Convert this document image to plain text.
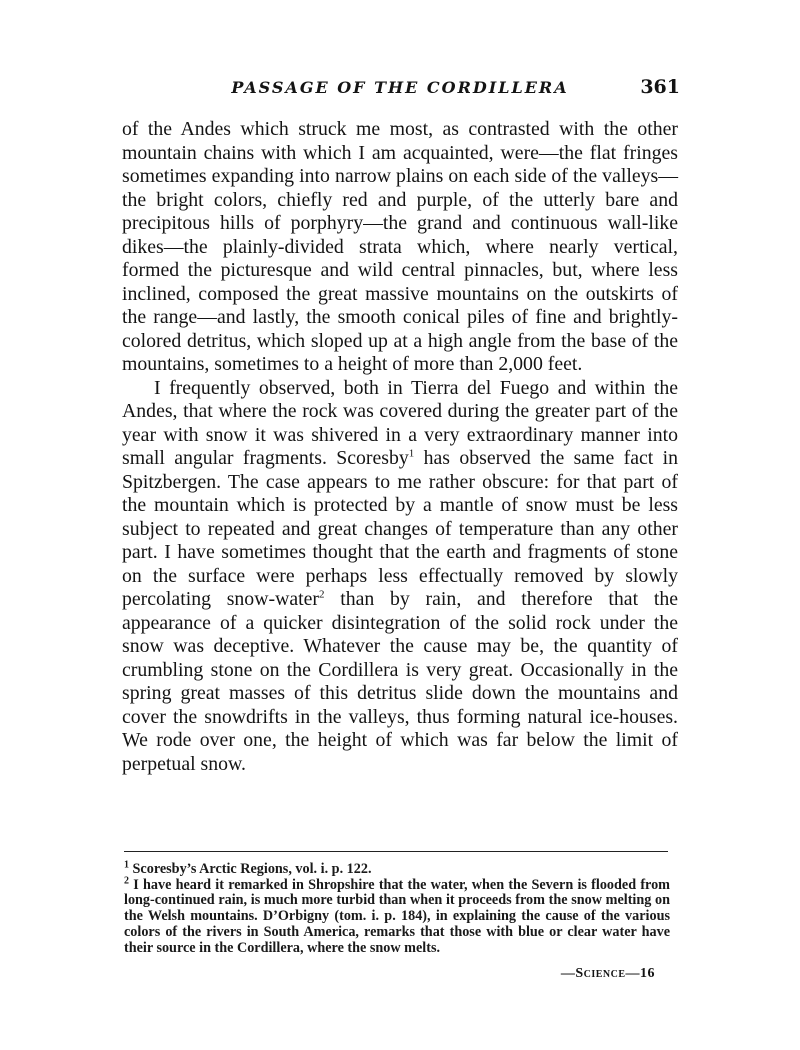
PASSAGE OF THE CORDILLERA	361

of the Andes which struck me most, as contrasted with the other mountain chains with which I am acquainted, were—the flat fringes sometimes expanding into narrow plains on each side of the valleys—the bright colors, chiefly red and purple, of the utterly bare and precipitous hills of porphyry—the grand and continuous wall-like dikes—the plainly-divided strata which, where nearly vertical, formed the picturesque and wild central pinnacles, but, where less inclined, composed the great massive mountains on the outskirts of the range—and lastly, the smooth conical piles of fine and brightly-colored detritus, which sloped up at a high angle from the base of the mountains, sometimes to a height of more than 2,000 feet.

I frequently observed, both in Tierra del Fuego and within the Andes, that where the rock was covered during the greater part of the year with snow it was shivered in a very extraordinary manner into small angular fragments. Scoresby$^1$ has observed the same fact in Spitzbergen. The case appears to me rather obscure: for that part of the mountain which is protected by a mantle of snow must be less subject to repeated and great changes of temperature than any other part. I have sometimes thought that the earth and fragments of stone on the surface were perhaps less effectually removed by slowly percolating snow-water$^2$ than by rain, and therefore that the appearance of a quicker disintegration of the solid rock under the snow was deceptive. Whatever the cause may be, the quantity of crumbling stone on the Cordillera is very great. Occasionally in the spring great masses of this detritus slide down the mountains and cover the snowdrifts in the valleys, thus forming natural ice-houses. We rode over one, the height of which was far below the limit of perpetual snow.

$^1$ Scoresby’s Arctic Regions, vol. i. p. 122.

$^2$ I have heard it remarked in Shropshire that the water, when the Severn is flooded from long-continued rain, is much more turbid than when it proceeds from the snow melting on the Welsh mountains. D’Orbigny (tom. i. p. 184), in explaining the cause of the various colors of the rivers in South America, remarks that those with blue or clear water have their source in the Cordillera, where the snow melts.

—Science—16
